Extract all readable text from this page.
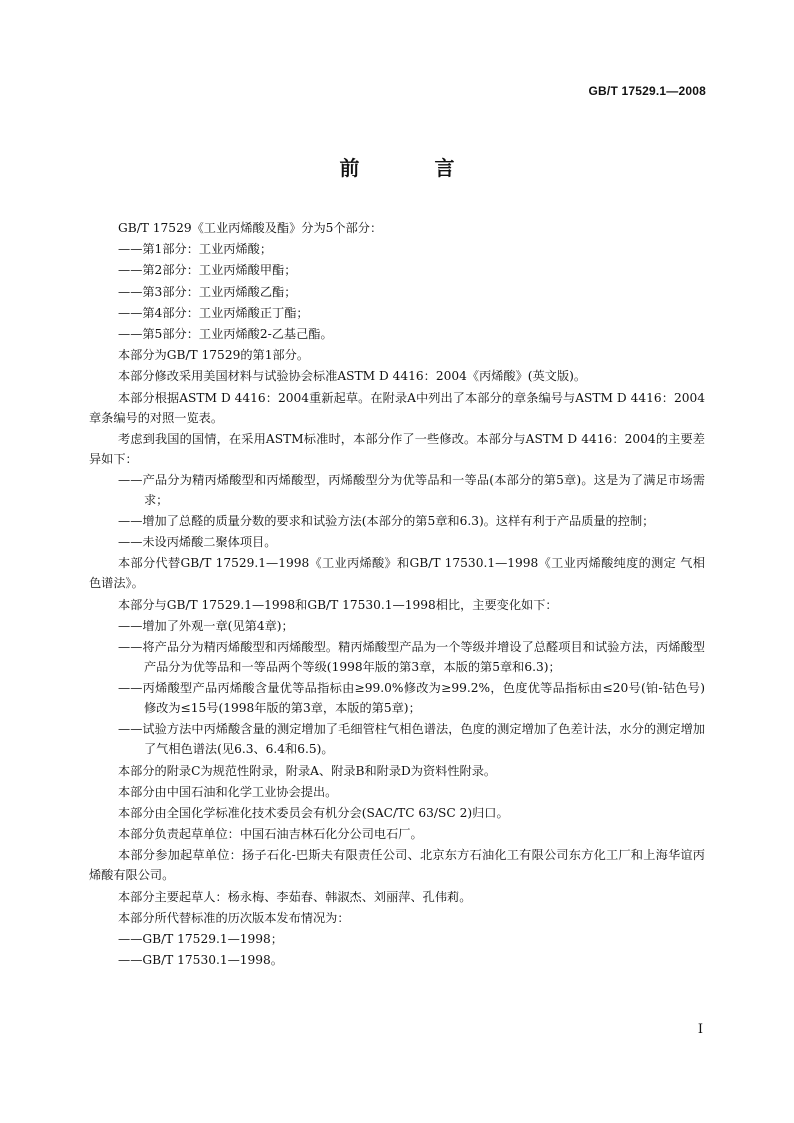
GB/T 17529.1—2008
前 言

GB/T 17529《工业丙烯酸及酯》分为5个部分：

——第1部分：工业丙烯酸；

——第2部分：工业丙烯酸甲酯；

——第3部分：工业丙烯酸乙酯；

——第4部分：工业丙烯酸正丁酯；

——第5部分：工业丙烯酸2-乙基己酯。

本部分为GB/T 17529的第1部分。

本部分修改采用美国材料与试验协会标准ASTM D 4416：2004《丙烯酸》(英文版)。

本部分根据ASTM D 4416：2004重新起草。在附录A中列出了本部分的章条编号与ASTM D 4416：2004章条编号的对照一览表。

考虑到我国的国情，在采用ASTM标准时，本部分作了一些修改。本部分与ASTM D 4416：2004的主要差异如下：

——产品分为精丙烯酸型和丙烯酸型，丙烯酸型分为优等品和一等品(本部分的第5章)。这是为了满足市场需求；

——增加了总醛的质量分数的要求和试验方法(本部分的第5章和6.3)。这样有利于产品质量的控制；

——未设丙烯酸二聚体项目。

本部分代替GB/T 17529.1—1998《工业丙烯酸》和GB/T 17530.1—1998《工业丙烯酸纯度的测定 气相色谱法》。

本部分与GB/T 17529.1—1998和GB/T 17530.1—1998相比，主要变化如下：

——增加了外观一章(见第4章)；

——将产品分为精丙烯酸型和丙烯酸型。精丙烯酸型产品为一个等级并增设了总醛项目和试验方法，丙烯酸型产品分为优等品和一等品两个等级(1998年版的第3章，本版的第5章和6.3)；

——丙烯酸型产品丙烯酸含量优等品指标由≥99.0%修改为≥99.2%，色度优等品指标由≤20号(铂-钴色号)修改为≤15号(1998年版的第3章，本版的第5章)；

——试验方法中丙烯酸含量的测定增加了毛细管柱气相色谱法，色度的测定增加了色差计法，水分的测定增加了气相色谱法(见6.3、6.4和6.5)。

本部分的附录C为规范性附录，附录A、附录B和附录D为资料性附录。

本部分由中国石油和化学工业协会提出。

本部分由全国化学标准化技术委员会有机分会(SAC/TC 63/SC 2)归口。

本部分负责起草单位：中国石油吉林石化分公司电石厂。

本部分参加起草单位：扬子石化-巴斯夫有限责任公司、北京东方石油化工有限公司东方化工厂和上海华谊丙烯酸有限公司。

本部分主要起草人：杨永梅、李茹春、韩淑杰、刘丽萍、孔伟莉。

本部分所代替标准的历次版本发布情况为：

——GB/T 17529.1—1998；

——GB/T 17530.1—1998。

I
